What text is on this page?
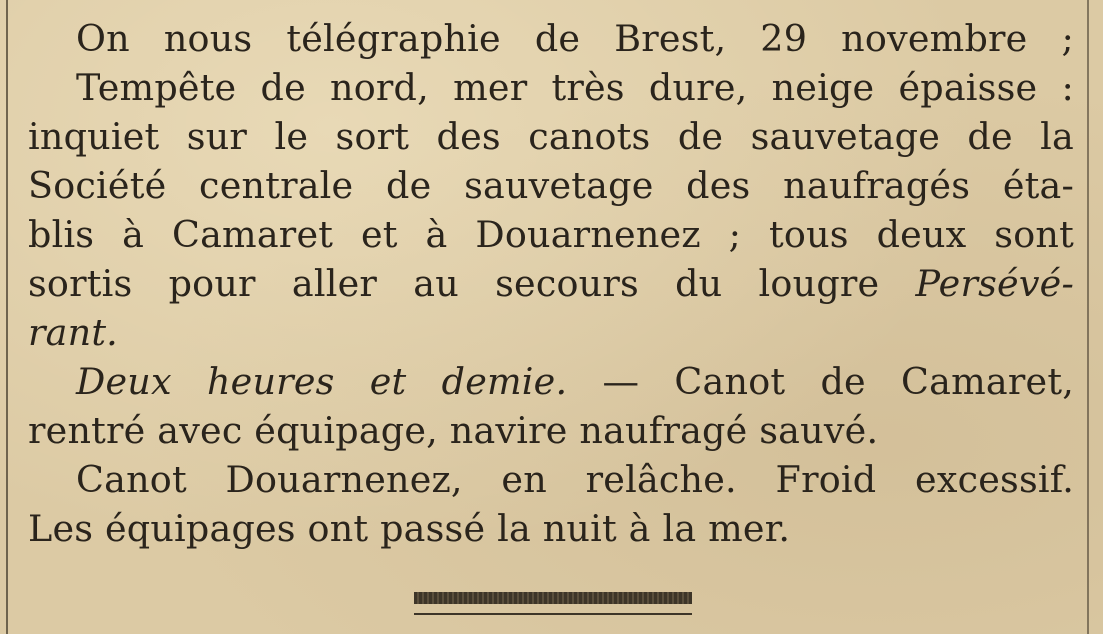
On nous télégraphie de Brest, 29 novembre ;
Tempête de nord, mer très dure, neige épaisse :
inquiet sur le sort des canots de sauvetage de la
Société centrale de sauvetage des naufragés éta-
blis à Camaret et à Douarnenez ; tous deux sont
sortis pour aller au secours du lougre Persévé-
rant.
Deux heures et demie. — Canot de Camaret,
rentré avec équipage, navire naufragé sauvé.
Canot Douarnenez, en relâche. Froid excessif.
Les équipages ont passé la nuit à la mer.
